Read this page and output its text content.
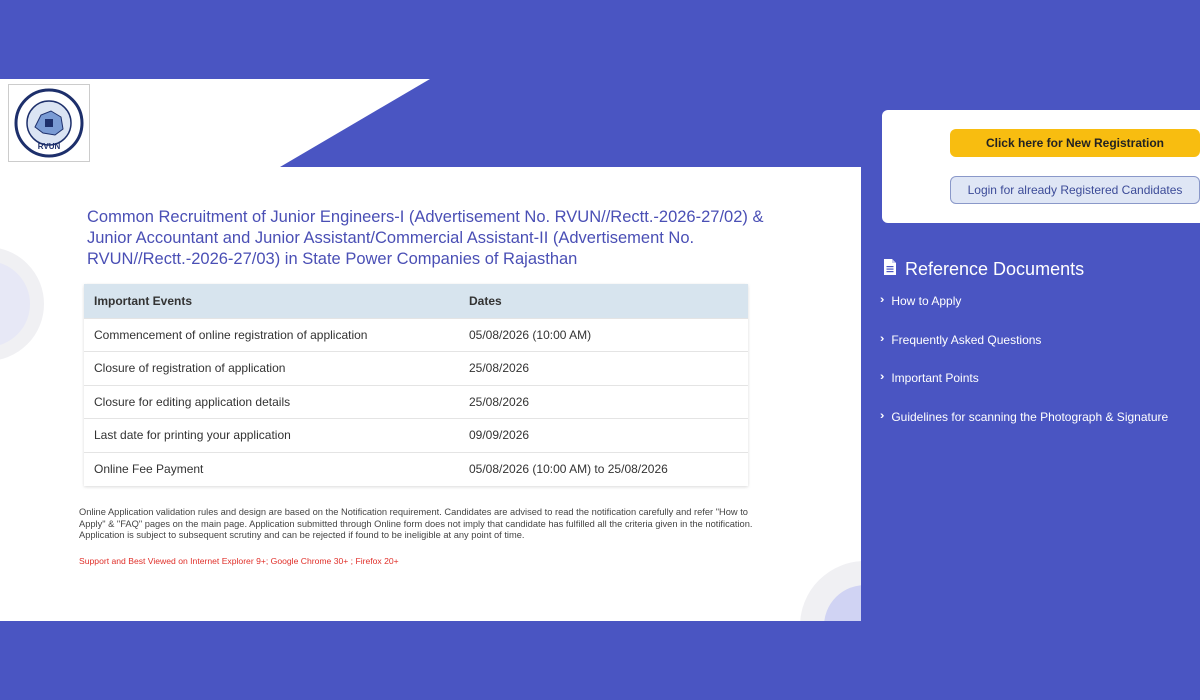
RVUN
Common Recruitment of Junior Engineers-I (Advertisement No. RVUN//Rectt.-2026-27/02) & Junior Accountant and Junior Assistant/Commercial Assistant-II (Advertisement No. RVUN//Rectt.-2026-27/03) in State Power Companies of Rajasthan
Important Events	Dates
Commencement of online registration of application	05/08/2026 (10:00 AM)
Closure of registration of application	25/08/2026
Closure for editing application details	25/08/2026
Last date for printing your application	09/09/2026
Online Fee Payment	05/08/2026 (10:00 AM) to 25/08/2026
Online Application validation rules and design are based on the Notification requirement. Candidates are advised to read the notification carefully and refer "How to Apply" & "FAQ" pages on the main page. Application submitted through Online form does not imply that candidate has fulfilled all the criteria given in the notification. Application is subject to subsequent scrutiny and can be rejected if found to be ineligible at any point of time.
Support and Best Viewed on Internet Explorer 9+; Google Chrome 30+ ; Firefox 20+
Click here for New Registration
Login for already Registered Candidates
Reference Documents
›› How to Apply
›› Frequently Asked Questions
›› Important Points
›› Guidelines for scanning the Photograph & Signature
